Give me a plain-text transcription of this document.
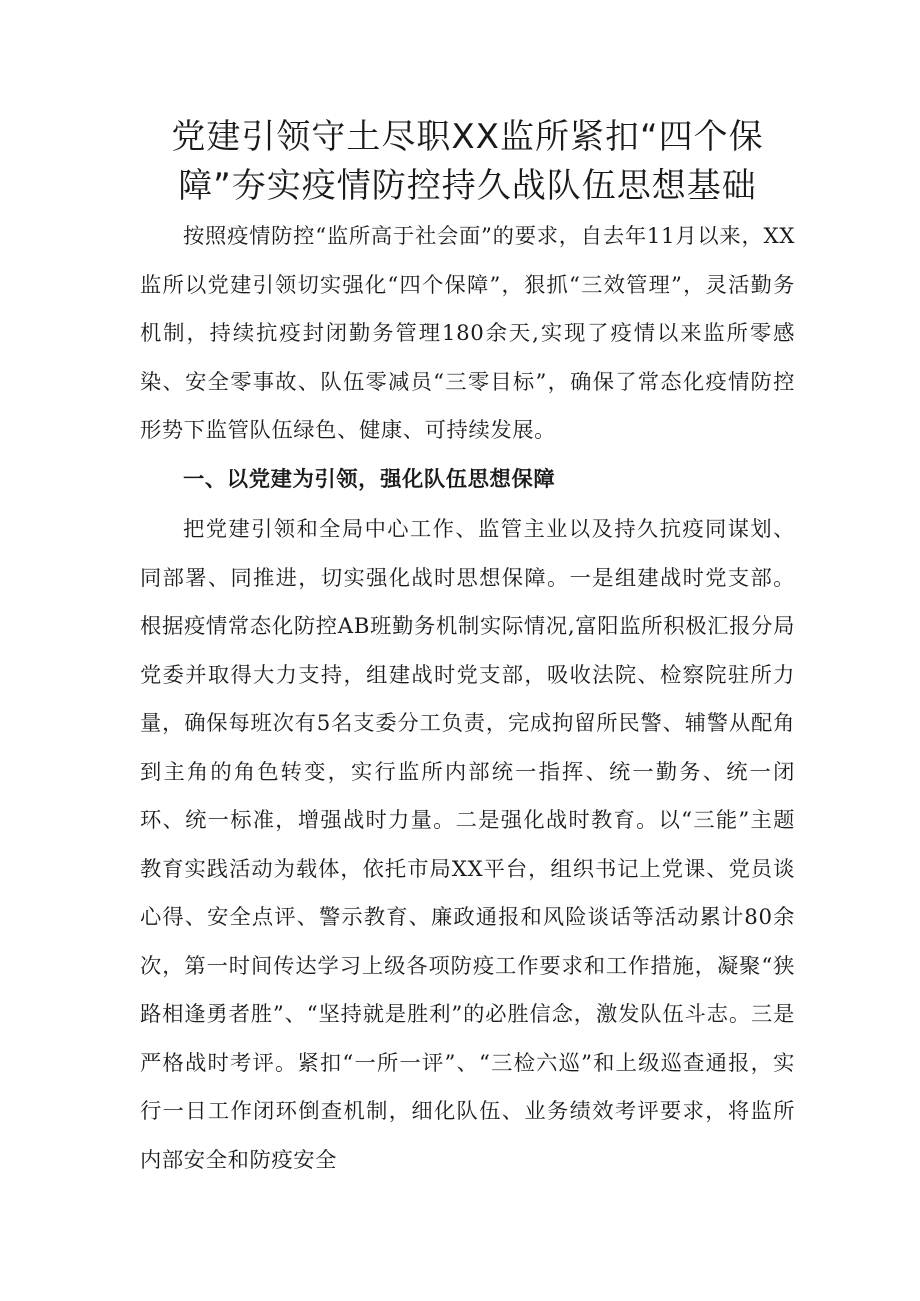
党建引领守土尽职XX监所紧扣“四个保
障”夯实疫情防控持久战队伍思想基础

按照疫情防控“监所高于社会面”的要求，自去年11月以来，XX监所以党建引领切实强化“四个保障”，狠抓“三效管理”，灵活勤务机制，持续抗疫封闭勤务管理180余天,实现了疫情以来监所零感染、安全零事故、队伍零减员“三零目标”，确保了常态化疫情防控形势下监管队伍绿色、健康、可持续发展。

一、以党建为引领，强化队伍思想保障

把党建引领和全局中心工作、监管主业以及持久抗疫同谋划、同部署、同推进，切实强化战时思想保障。一是组建战时党支部。根据疫情常态化防控AB班勤务机制实际情况,富阳监所积极汇报分局党委并取得大力支持，组建战时党支部，吸收法院、检察院驻所力量，确保每班次有5名支委分工负责，完成拘留所民警、辅警从配角到主角的角色转变，实行监所内部统一指挥、统一勤务、统一闭环、统一标准，增强战时力量。二是强化战时教育。以“三能”主题教育实践活动为载体，依托市局XX平台，组织书记上党课、党员谈心得、安全点评、警示教育、廉政通报和风险谈话等活动累计80余次，第一时间传达学习上级各项防疫工作要求和工作措施，凝聚“狭路相逢勇者胜”、“坚持就是胜利”的必胜信念，激发队伍斗志。三是严格战时考评。紧扣“一所一评”、“三检六巡”和上级巡查通报，实行一日工作闭环倒查机制，细化队伍、业务绩效考评要求，将监所内部安全和防疫安全
